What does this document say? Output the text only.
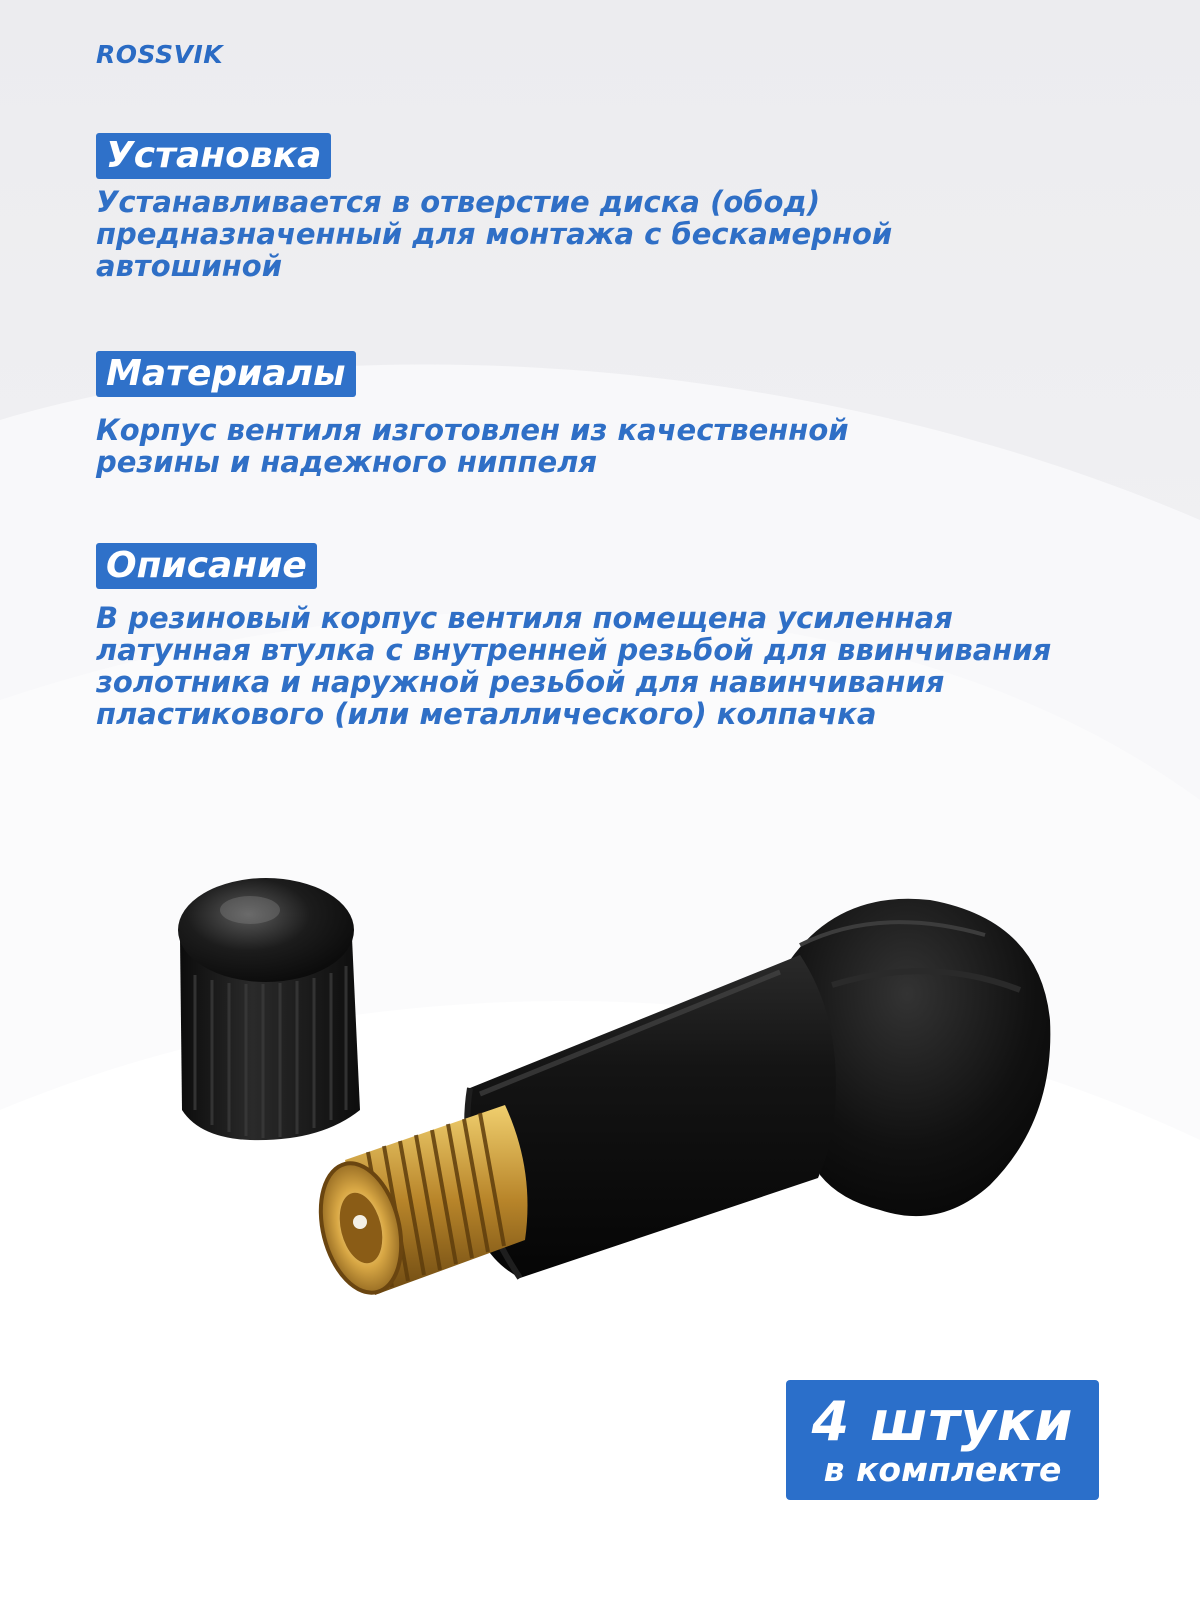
ROSSVIK
Установка
Устанавливается в отверстие диска (обод)
предназначенный для монтажа с бескамерной
автошиной
Материалы
Корпус вентиля изготовлен из качественной
резины и надежного ниппеля
Описание
В резиновый корпус вентиля помещена усиленная
латунная втулка с внутренней резьбой для ввинчивания
золотника и наружной резьбой для навинчивания
пластикового (или металлического) колпачка
4 штуки
в комплекте
